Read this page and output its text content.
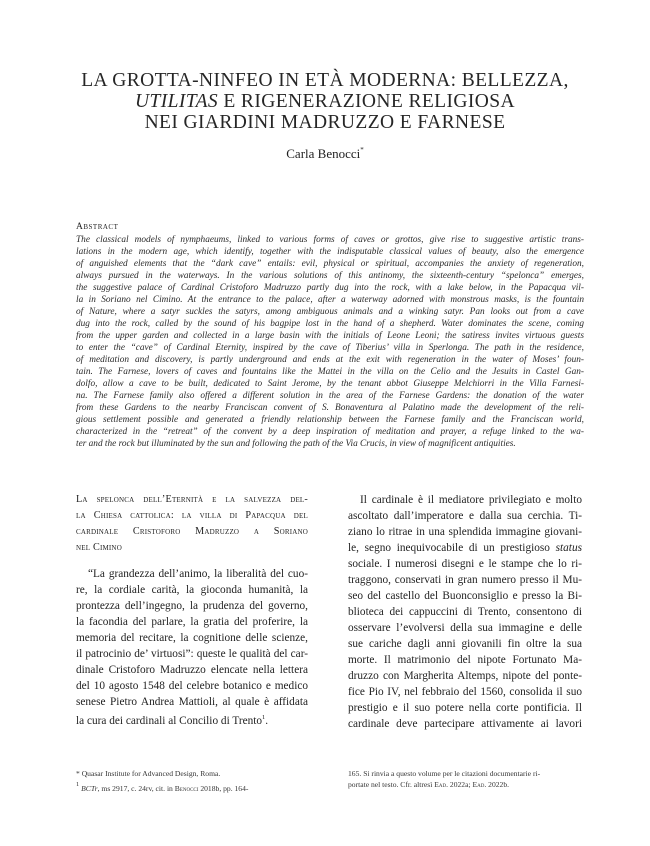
LA GROTTA-NINFEO IN ETÀ MODERNA: BELLEZZA,
UTILITAS E RIGENERAZIONE RELIGIOSA
NEI GIARDINI MADRUZZO E FARNESE
Carla Benocci*
Abstract
The classical models of nymphaeums, linked to various forms of caves or grottos, give rise to suggestive artistic trans-
lations in the modern age, which identify, together with the indisputable classical values of beauty, also the emergence
of anguished elements that the “dark cave” entails: evil, physical or spiritual, accompanies the anxiety of regeneration,
always pursued in the waterways. In the various solutions of this antinomy, the sixteenth-century “spelonca” emerges,
the suggestive palace of Cardinal Cristoforo Madruzzo partly dug into the rock, with a lake below, in the Papacqua vil-
la in Soriano nel Cimino. At the entrance to the palace, after a waterway adorned with monstrous masks, is the fountain
of Nature, where a satyr suckles the satyrs, among ambiguous animals and a winking satyr. Pan looks out from a cave
dug into the rock, called by the sound of his bagpipe lost in the hand of a shepherd. Water dominates the scene, coming
from the upper garden and collected in a large basin with the initials of Leone Leoni; the satiress invites virtuous guests
to enter the “cave” of Cardinal Eternity, inspired by the cave of Tiberius’ villa in Sperlonga. The path in the residence,
of meditation and discovery, is partly underground and ends at the exit with regeneration in the water of Moses’ foun-
tain. The Farnese, lovers of caves and fountains like the Mattei in the villa on the Celio and the Jesuits in Castel Gan-
dolfo, allow a cave to be built, dedicated to Saint Jerome, by the tenant abbot Giuseppe Melchiorri in the Villa Farnesi-
na. The Farnese family also offered a different solution in the area of the Farnese Gardens: the donation of the water
from these Gardens to the nearby Franciscan convent of S. Bonaventura al Palatino made the development of the reli-
gious settlement possible and generated a friendly relationship between the Farnese family and the Franciscan world,
characterized in the “retreat” of the convent by a deep inspiration of meditation and prayer, a refuge linked to the wa-
ter and the rock but illuminated by the sun and following the path of the Via Crucis, in view of magnificent antiquities.
La spelonca dell’Eternità e la salvezza del-
la Chiesa cattolica: la villa di Papacqua del
cardinale Cristoforo Madruzzo a Soriano
nel Cimino
“La grandezza dell’animo, la liberalità del cuo-
re, la cordiale carità, la gioconda humanità, la
prontezza dell’ingegno, la prudenza del governo,
la facondia del parlare, la gratia del proferire, la
memoria del recitare, la cognitione delle scienze,
il patrocinio de’ virtuosi”: queste le qualità del car-
dinale Cristoforo Madruzzo elencate nella lettera
del 10 agosto 1548 del celebre botanico e medico
senese Pietro Andrea Mattioli, al quale è affidata
la cura dei cardinali al Concilio di Trento$^1$.
Il cardinale è il mediatore privilegiato e molto
ascoltato dall’imperatore e dalla sua cerchia. Ti-
ziano lo ritrae in una splendida immagine giovani-
le, segno inequivocabile di un prestigioso status
sociale. I numerosi disegni e le stampe che lo ri-
traggono, conservati in gran numero presso il Mu-
seo del castello del Buonconsiglio e presso la Bi-
blioteca dei cappuccini di Trento, consentono di
osservare l’evolversi della sua immagine e delle
sue cariche dagli anni giovanili fin oltre la sua
morte. Il matrimonio del nipote Fortunato Ma-
druzzo con Margherita Altemps, nipote del ponte-
fice Pio IV, nel febbraio del 1560, consolida il suo
prestigio e il suo potere nella corte pontificia. Il
cardinale deve partecipare attivamente ai lavori
* Quasar Institute for Advanced Design, Roma.
$^1$ BCTr, ms 2917, c. 24rv, cit. in Benocci 2018b, pp. 164-
165. Si rinvia a questo volume per le citazioni documentarie ri-
portate nel testo. Cfr. altresì Ead. 2022a; Ead. 2022b.
